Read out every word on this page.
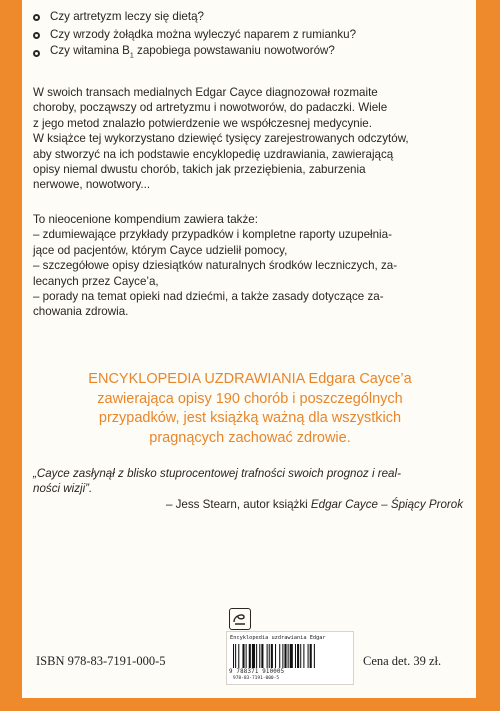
Czy artretyzm leczy się dietą?
Czy wrzody żołądka można wyleczyć naparem z rumianku?
Czy witamina $B_1$ zapobiega powstawaniu nowotworów?
W swoich transach medialnych Edgar Cayce diagnozował rozmaite
choroby, począwszy od artretyzmu i nowotworów, do padaczki. Wiele
z jego metod znalazło potwierdzenie we współczesnej medycynie.
W książce tej wykorzystano dziewięć tysięcy zarejestrowanych odczytów,
aby stworzyć na ich podstawie encyklopedię uzdrawiania, zawierającą
opisy niemal dwustu chorób, takich jak przeziębienia, zaburzenia
nerwowe, nowotwory...
To nieocenione kompendium zawiera także:
– zdumiewające przykłady przypadków i kompletne raporty uzupełnia-
jące od pacjentów, którym Cayce udzielił pomocy,
– szczegółowe opisy dziesiątków naturalnych środków leczniczych, za-
lecanych przez Cayce’a,
– porady na temat opieki nad dziećmi, a także zasady dotyczące za-
chowania zdrowia.
ENCYKLOPEDIA UZDRAWIANIA Edgara Cayce’a
zawierająca opisy 190 chorób i poszczególnych
przypadków, jest książką ważną dla wszystkich
pragnących zachować zdrowie.
„Cayce zasłynął z blisko stuprocentowej trafności swoich prognoz i real-
ności wizji”.

– Jess Stearn, autor książki Edgar Cayce – Śpiący Prorok

Encyklopedia uzdrawiania Edgar
9 788371 910005
978-83-7191-000-5
ISBN 978-83-7191-000-5	Cena det. 39 zł.
